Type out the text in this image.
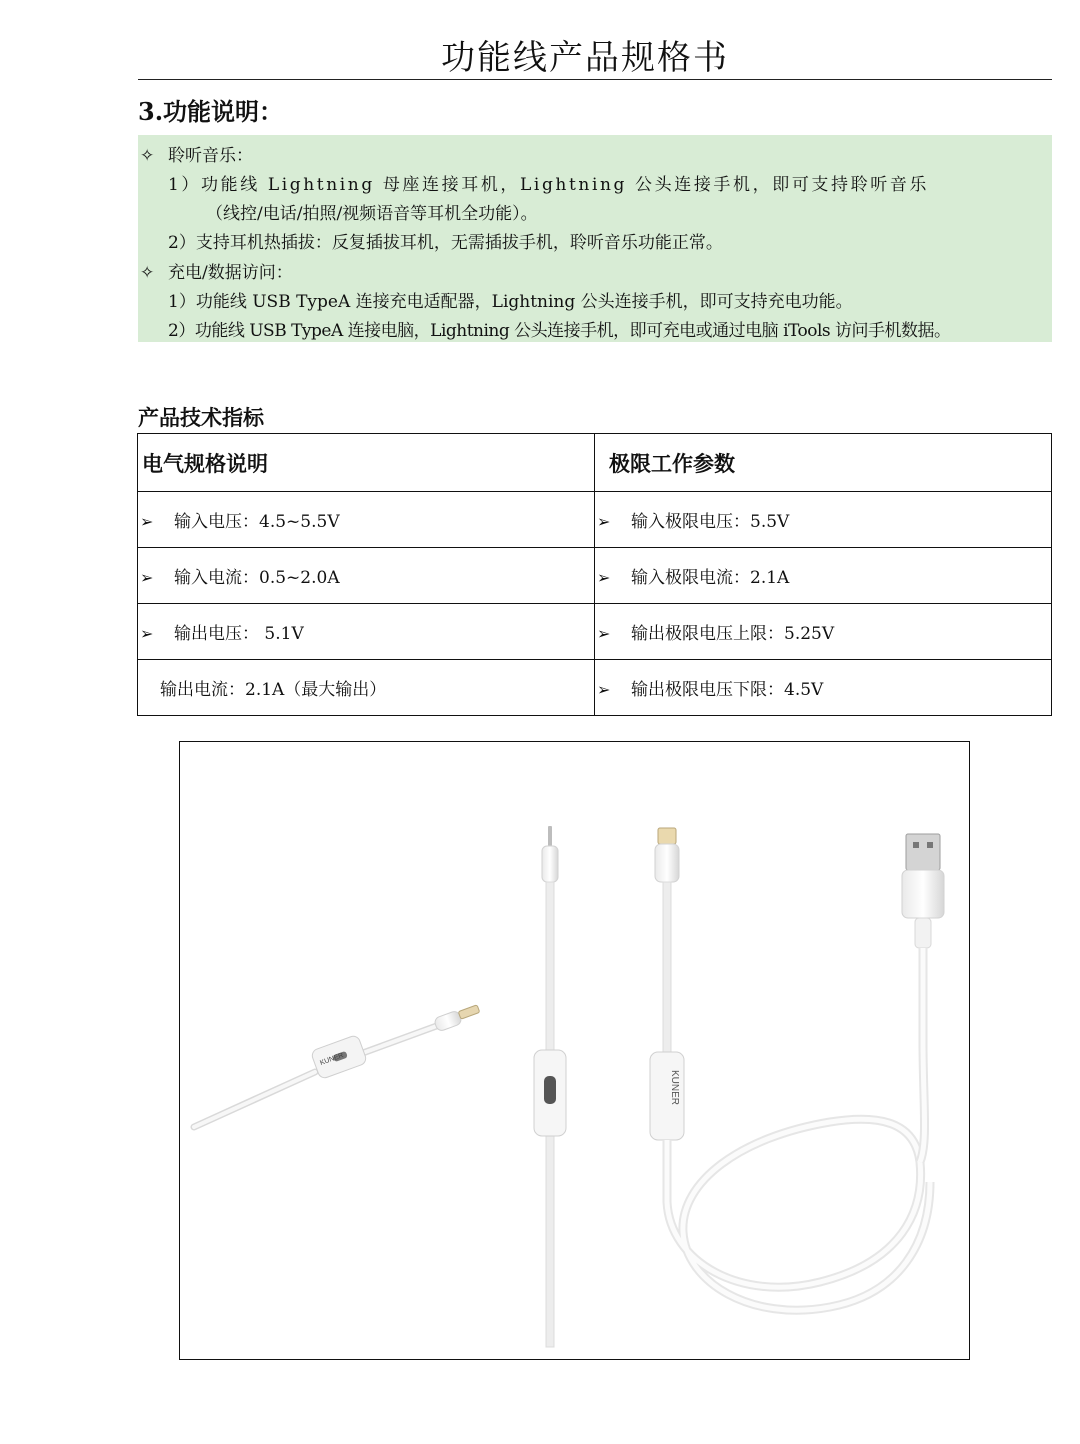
功能线产品规格书
3.功能说明：
✧ 聆听音乐：
1）功能线 Lightning 母座连接耳机，Lightning 公头连接手机，即可支持聆听音乐
（线控/电话/拍照/视频语音等耳机全功能）。
2）支持耳机热插拔：反复插拔耳机，无需插拔手机，聆听音乐功能正常。
✧ 充电/数据访问：
1）功能线 USB TypeA 连接充电适配器，Lightning 公头连接手机，即可支持充电功能。
2）功能线 USB TypeA 连接电脑，Lightning 公头连接手机，即可充电或通过电脑 iTools 访问手机数据。
产品技术指标
电气规格说明	极限工作参数
➢ 输入电压：4.5~5.5V	➢ 输入极限电压：5.5V
➢ 输入电流：0.5~2.0A	➢ 输入极限电流：2.1A
➢ 输出电压： 5.1V	➢ 输出极限电压上限：5.25V
输出电流：2.1A（最大输出）	➢ 输出极限电压下限：4.5V
KUNER
KUNER
